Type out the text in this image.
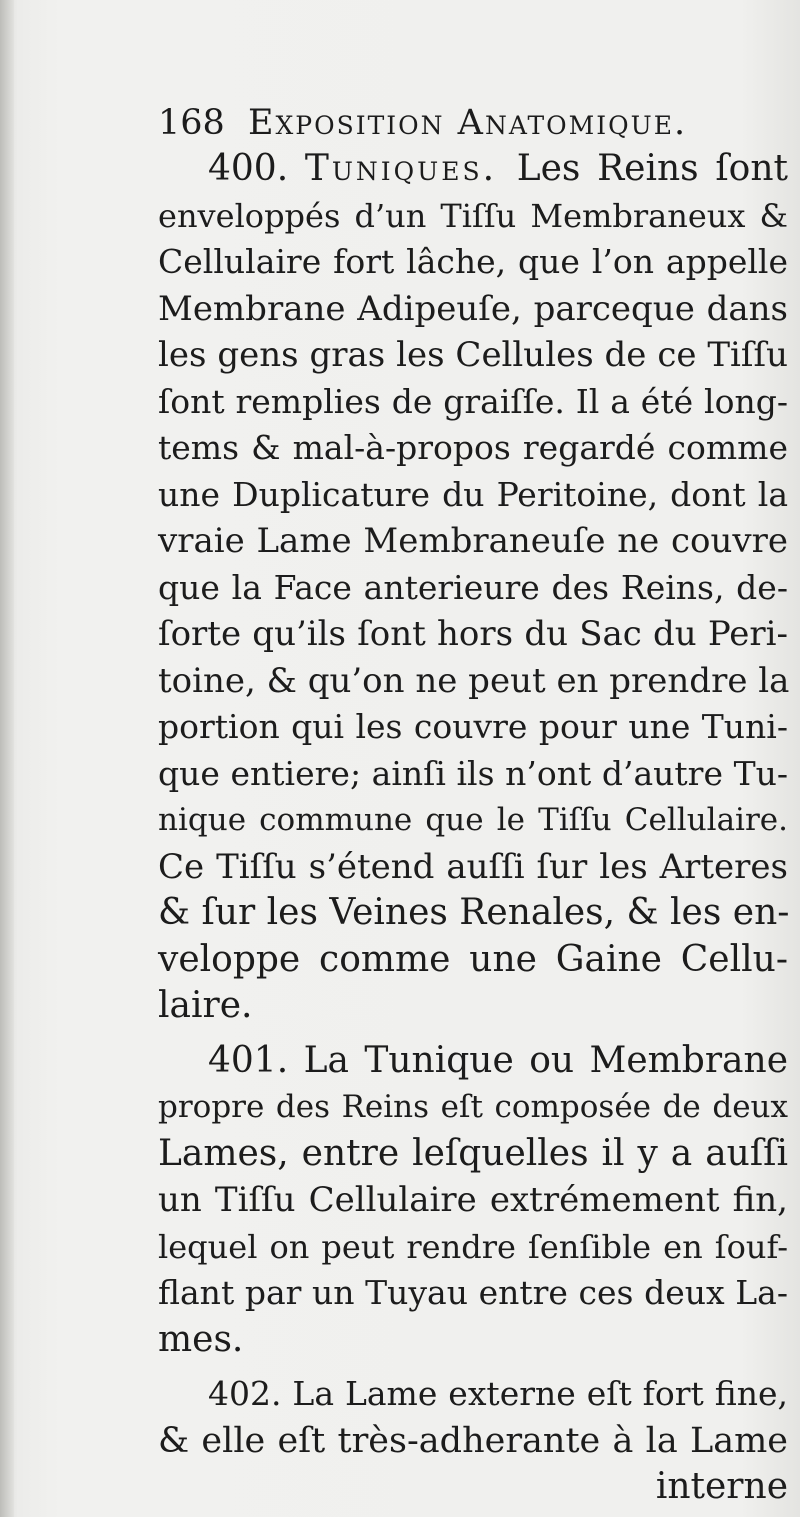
168 Exposition Anatomique.
400. Tuniques. Les Reins ſont
enveloppés d’un Tiſſu Membraneux &
Cellulaire fort lâche, que l’on appelle
Membrane Adipeuſe, parceque dans
les gens gras les Cellules de ce Tiſſu
ſont remplies de graiſſe. Il a été long-
tems & mal-à-propos regardé comme
une Duplicature du Peritoine, dont la
vraie Lame Membraneuſe ne couvre
que la Face anterieure des Reins, de-
ſorte qu’ils ſont hors du Sac du Peri-
toine, & qu’on ne peut en prendre la
portion qui les couvre pour une Tuni-
que entiere; ainſi ils n’ont d’autre Tu-
nique commune que le Tiſſu Cellulaire.
Ce Tiſſu s’étend auſſi ſur les Arteres
& ſur les Veines Renales, & les en-
veloppe comme une Gaine Cellu-
laire.
401. La Tunique ou Membrane
propre des Reins eſt composée de deux
Lames, entre leſquelles il y a auſſi
un Tiſſu Cellulaire extrémement fin,
lequel on peut rendre ſenſible en ſouf-
flant par un Tuyau entre ces deux La-
mes.
402. La Lame externe eſt fort fine,
& elle eſt très-adherante à la Lame
interne
